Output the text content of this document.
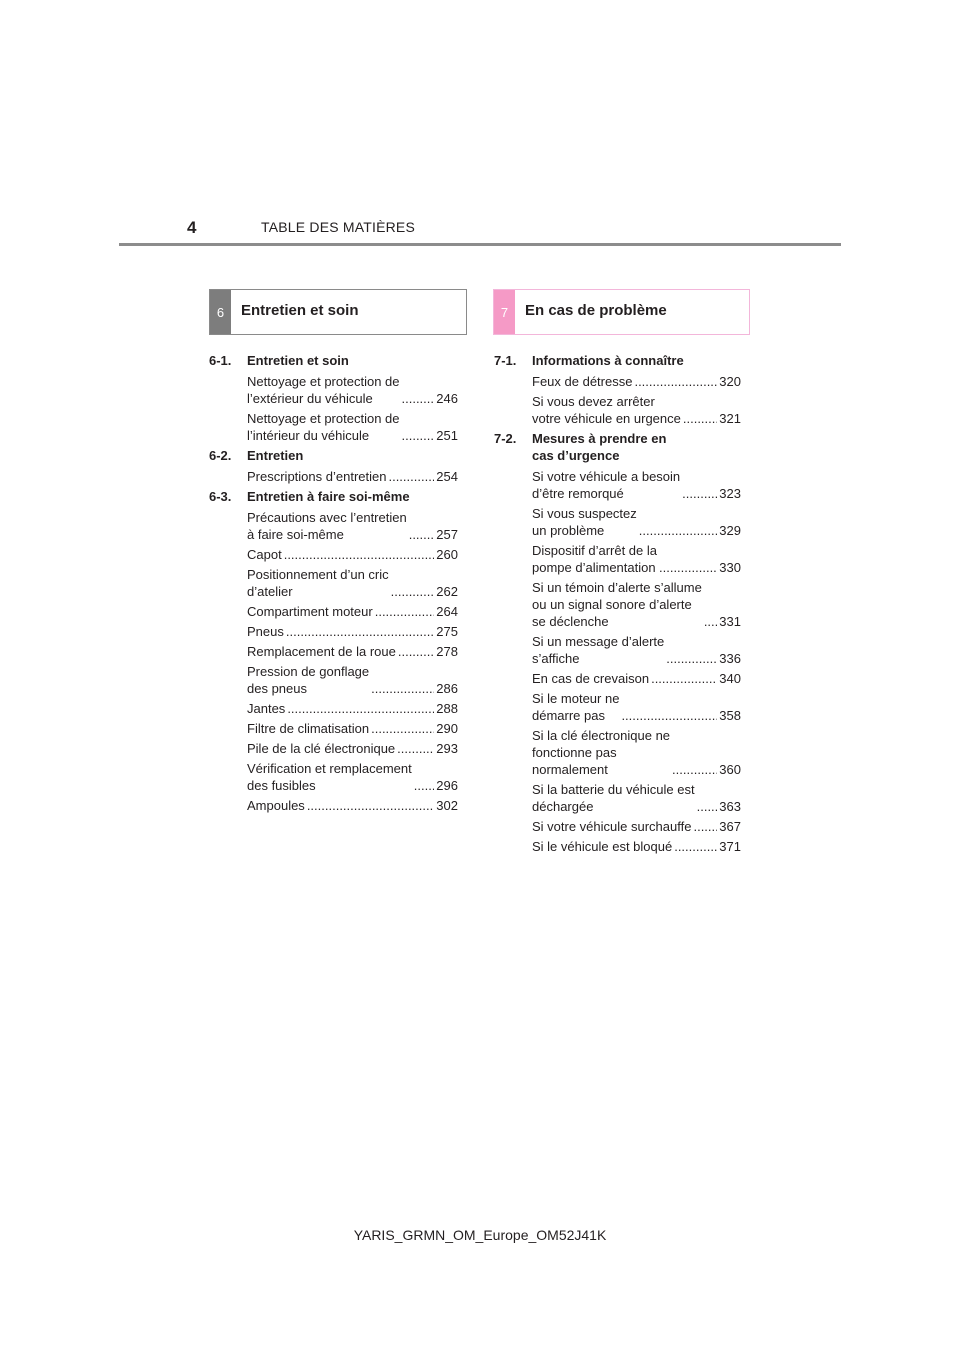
4	TABLE DES MATIÈRES
6	Entretien et soin	7	En cas de problème
6-1.	Entretien et soin
Nettoyage et protection de
l’extérieur du véhicule .....	246
Nettoyage et protection de
l’intérieur du véhicule .....	251
6-2.	Entretien
Prescriptions d’entretien .....	254
6-3.	Entretien à faire soi-même
Précautions avec l’entretien
à faire soi-même .....	257
Capot .....	260
Positionnement d’un cric
d’atelier .....	262
Compartiment moteur .....	264
Pneus .....	275
Remplacement de la roue .....	278
Pression de gonflage
des pneus .....	286
Jantes .....	288
Filtre de climatisation .....	290
Pile de la clé électronique .....	293
Vérification et remplacement
des fusibles .....	296
Ampoules .....	302
7-1.	Informations à connaître
Feux de détresse .....	320
Si vous devez arrêter
votre véhicule en urgence .....	321
7-2.	Mesures à prendre en
cas d’urgence
Si votre véhicule a besoin
d’être remorqué .....	323
Si vous suspectez
un problème .....	329
Dispositif d’arrêt de la
pompe d’alimentation .....	330
Si un témoin d’alerte s’allume
ou un signal sonore d’alerte
se déclenche .....	331
Si un message d’alerte
s’affiche .....	336
En cas de crevaison .....	340
Si le moteur ne
démarre pas .....	358
Si la clé électronique ne
fonctionne pas
normalement .....	360
Si la batterie du véhicule est
déchargée .....	363
Si votre véhicule surchauffe ..... 367
Si le véhicule est bloqué .....	371
YARIS_GRMN_OM_Europe_OM52J41K
